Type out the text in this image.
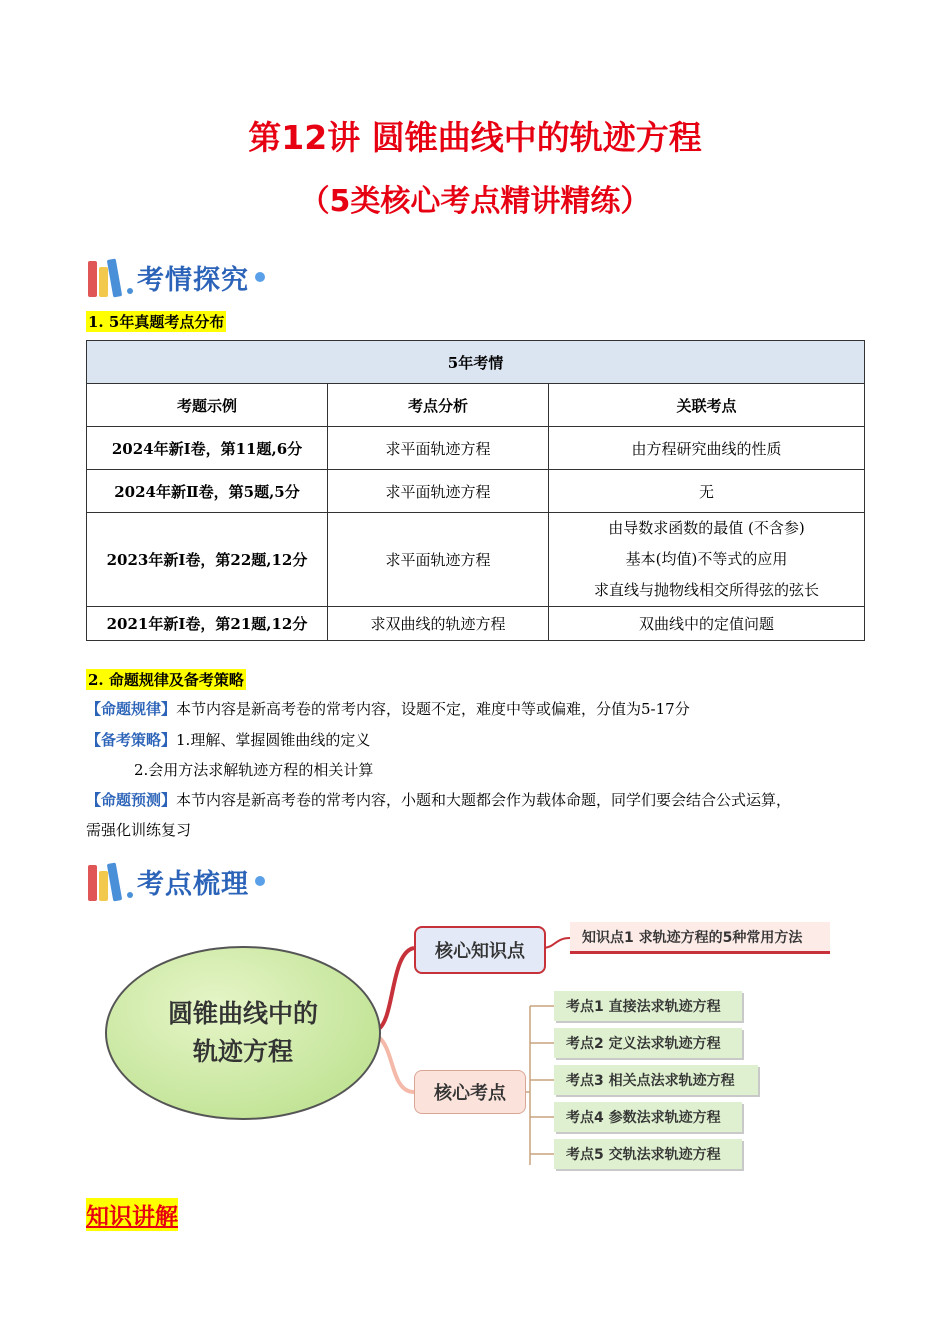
第12讲 圆锥曲线中的轨迹方程
（5类核心考点精讲精练）
考情探究
1. 5年真题考点分布
5年考情		
考题示例	考点分析	关联考点
2024年新I卷，第11题,6分	求平面轨迹方程	由方程研究曲线的性质
2024年新Ⅱ卷，第5题,5分	求平面轨迹方程	无
2023年新I卷，第22题,12分	求平面轨迹方程	由导数求函数的最值 (不含参)
基本(均值)不等式的应用
求直线与抛物线相交所得弦的弦长

2021年新I卷，第21题,12分	求双曲线的轨迹方程	双曲线中的定值问题
2. 命题规律及备考策略
【命题规律】本节内容是新高考卷的常考内容，设题不定，难度中等或偏难，分值为5-17分
【备考策略】1.理解、掌握圆锥曲线的定义
2.会用方法求解轨迹方程的相关计算
【命题预测】本节内容是新高考卷的常考内容，小题和大题都会作为载体命题，同学们要会结合公式运算，
需强化训练复习
考点梳理
圆锥曲线中的
轨迹方程
核心知识点
知识点1 求轨迹方程的5种常用方法
核心考点
考点1 直接法求轨迹方程
考点2 定义法求轨迹方程
考点3 相关点法求轨迹方程
考点4 参数法求轨迹方程
考点5 交轨法求轨迹方程
知识讲解
